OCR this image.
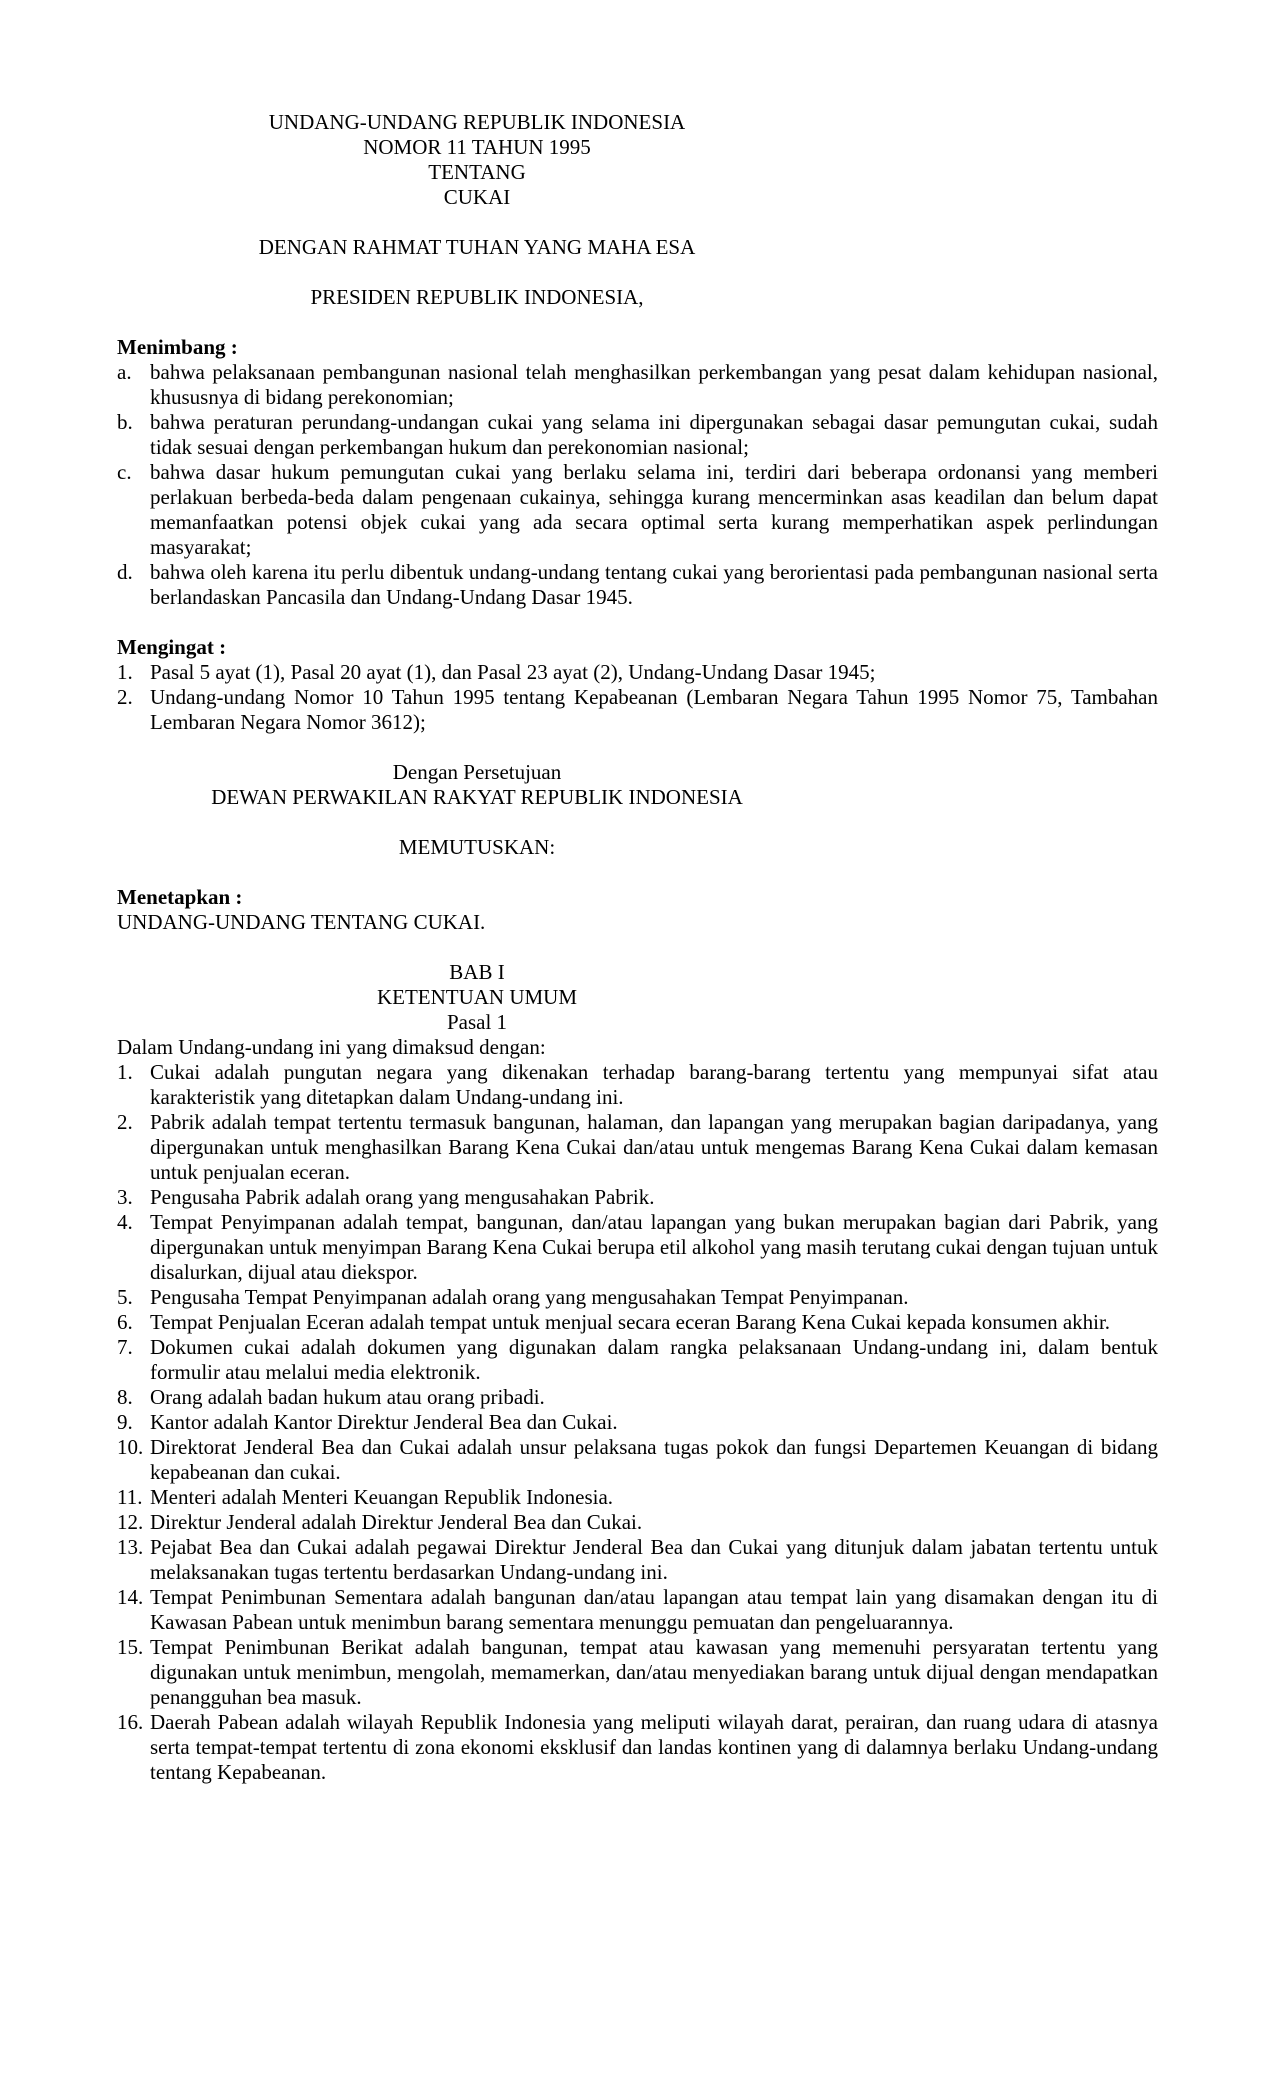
UNDANG-UNDANG REPUBLIK INDONESIA
NOMOR 11 TAHUN 1995
TENTANG
CUKAI
DENGAN RAHMAT TUHAN YANG MAHA ESA
PRESIDEN REPUBLIK INDONESIA,
Menimbang :
a. bahwa pelaksanaan pembangunan nasional telah menghasilkan perkembangan yang pesat dalam kehidupan nasional, khususnya di bidang perekonomian;
b. bahwa peraturan perundang-undangan cukai yang selama ini dipergunakan sebagai dasar pemungutan cukai, sudah tidak sesuai dengan perkembangan hukum dan perekonomian nasional;
c. bahwa dasar hukum pemungutan cukai yang berlaku selama ini, terdiri dari beberapa ordonansi yang memberi perlakuan berbeda-beda dalam pengenaan cukainya, sehingga kurang mencerminkan asas keadilan dan belum dapat memanfaatkan potensi objek cukai yang ada secara optimal serta kurang memperhatikan aspek perlindungan masyarakat;
d. bahwa oleh karena itu perlu dibentuk undang-undang tentang cukai yang berorientasi pada pembangunan nasional serta berlandaskan Pancasila dan Undang-Undang Dasar 1945.
Mengingat :
1. Pasal 5 ayat (1), Pasal 20 ayat (1), dan Pasal 23 ayat (2), Undang-Undang Dasar 1945;
2. Undang-undang Nomor 10 Tahun 1995 tentang Kepabeanan (Lembaran Negara Tahun 1995 Nomor 75, Tambahan Lembaran Negara Nomor 3612);
Dengan Persetujuan
DEWAN PERWAKILAN RAKYAT REPUBLIK INDONESIA
MEMUTUSKAN:
Menetapkan :
UNDANG-UNDANG TENTANG CUKAI.
BAB I
KETENTUAN UMUM
Pasal 1
Dalam Undang-undang ini yang dimaksud dengan:
1. Cukai adalah pungutan negara yang dikenakan terhadap barang-barang tertentu yang mempunyai sifat atau karakteristik yang ditetapkan dalam Undang-undang ini.
2. Pabrik adalah tempat tertentu termasuk bangunan, halaman, dan lapangan yang merupakan bagian daripadanya, yang dipergunakan untuk menghasilkan Barang Kena Cukai dan/atau untuk mengemas Barang Kena Cukai dalam kemasan untuk penjualan eceran.
3. Pengusaha Pabrik adalah orang yang mengusahakan Pabrik.
4. Tempat Penyimpanan adalah tempat, bangunan, dan/atau lapangan yang bukan merupakan bagian dari Pabrik, yang dipergunakan untuk menyimpan Barang Kena Cukai berupa etil alkohol yang masih terutang cukai dengan tujuan untuk disalurkan, dijual atau diekspor.
5. Pengusaha Tempat Penyimpanan adalah orang yang mengusahakan Tempat Penyimpanan.
6. Tempat Penjualan Eceran adalah tempat untuk menjual secara eceran Barang Kena Cukai kepada konsumen akhir.
7. Dokumen cukai adalah dokumen yang digunakan dalam rangka pelaksanaan Undang-undang ini, dalam bentuk formulir atau melalui media elektronik.
8. Orang adalah badan hukum atau orang pribadi.
9. Kantor adalah Kantor Direktur Jenderal Bea dan Cukai.
10. Direktorat Jenderal Bea dan Cukai adalah unsur pelaksana tugas pokok dan fungsi Departemen Keuangan di bidang kepabeanan dan cukai.
11. Menteri adalah Menteri Keuangan Republik Indonesia.
12. Direktur Jenderal adalah Direktur Jenderal Bea dan Cukai.
13. Pejabat Bea dan Cukai adalah pegawai Direktur Jenderal Bea dan Cukai yang ditunjuk dalam jabatan tertentu untuk melaksanakan tugas tertentu berdasarkan Undang-undang ini.
14. Tempat Penimbunan Sementara adalah bangunan dan/atau lapangan atau tempat lain yang disamakan dengan itu di Kawasan Pabean untuk menimbun barang sementara menunggu pemuatan dan pengeluarannya.
15. Tempat Penimbunan Berikat adalah bangunan, tempat atau kawasan yang memenuhi persyaratan tertentu yang digunakan untuk menimbun, mengolah, memamerkan, dan/atau menyediakan barang untuk dijual dengan mendapatkan penangguhan bea masuk.
16. Daerah Pabean adalah wilayah Republik Indonesia yang meliputi wilayah darat, perairan, dan ruang udara di atasnya serta tempat-tempat tertentu di zona ekonomi eksklusif dan landas kontinen yang di dalamnya berlaku Undang-undang tentang Kepabeanan.
